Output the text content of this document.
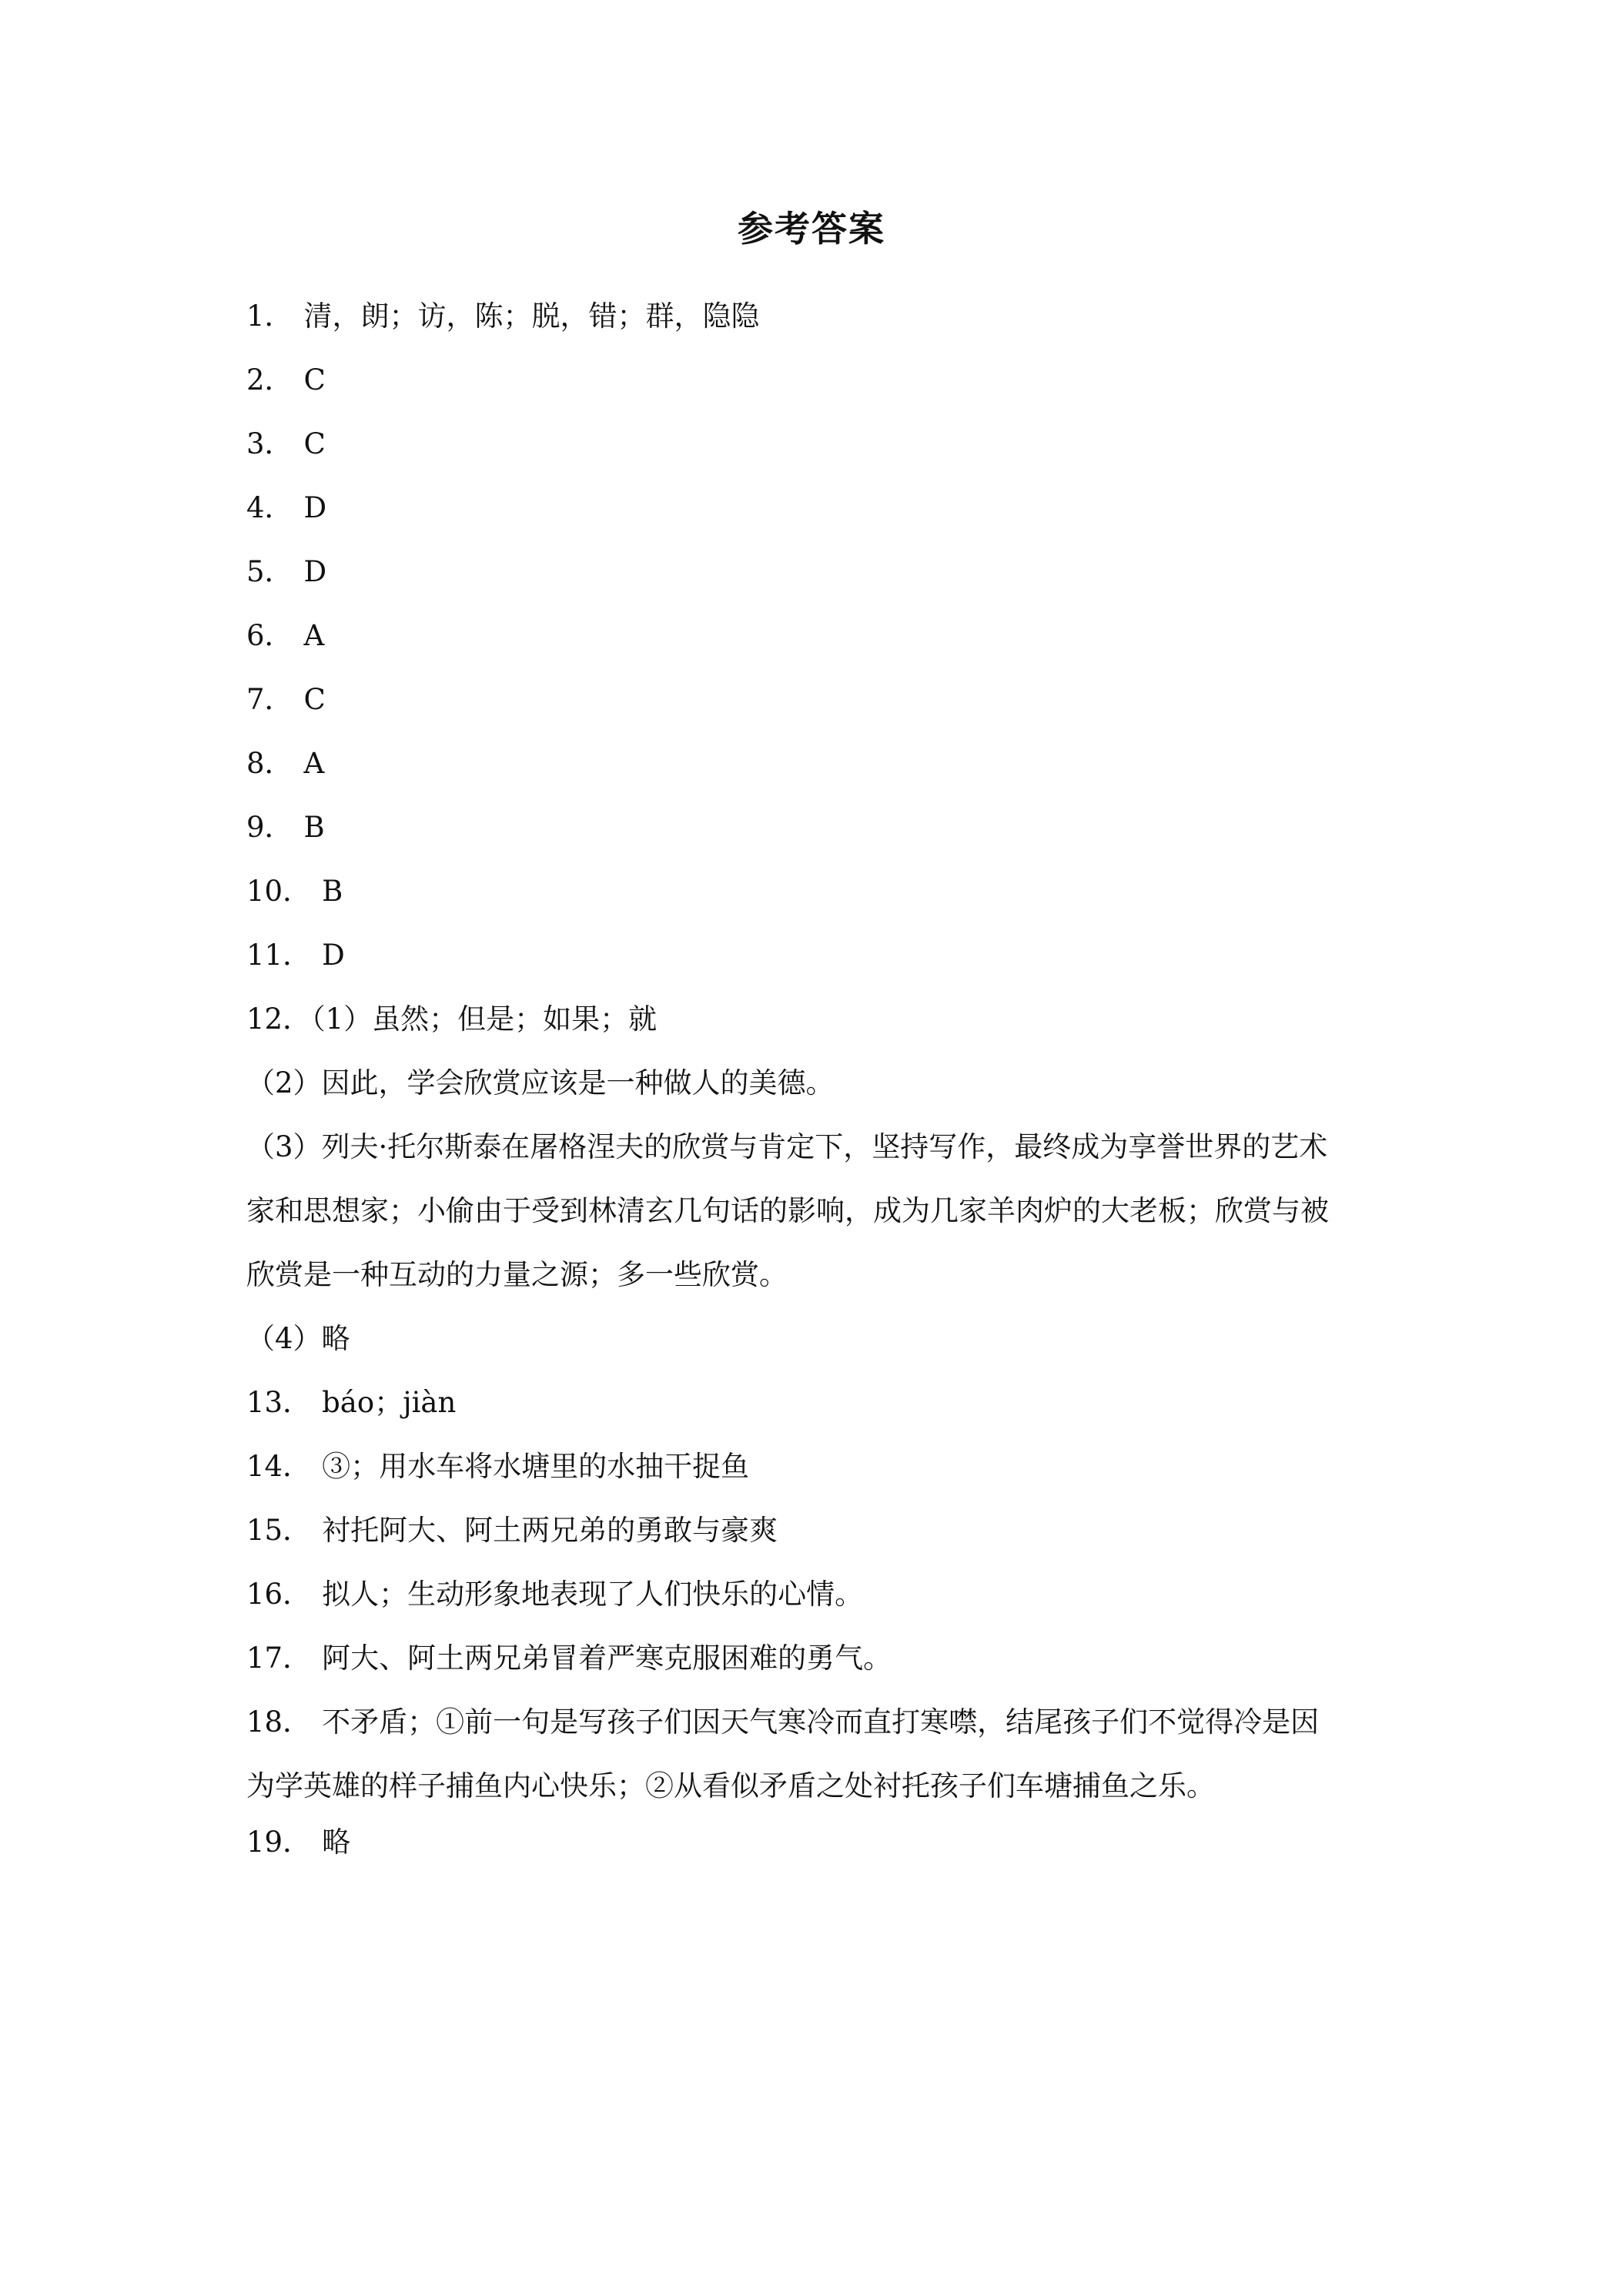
参考答案
1． 清，朗；访，陈；脱，错；群，隐隐
2． C
3． C
4． D
5． D
6． A
7． C
8． A
9． B
10． B
11． D
12．（1）虽然；但是；如果；就
（2）因此，学会欣赏应该是一种做人的美德。
（3）列夫·托尔斯泰在屠格涅夫的欣赏与肯定下，坚持写作，最终成为享誉世界的艺术
家和思想家；小偷由于受到林清玄几句话的影响，成为几家羊肉炉的大老板；欣赏与被
欣赏是一种互动的力量之源；多一些欣赏。
（4）略
13． báo；jiàn
14． ③；用水车将水塘里的水抽干捉鱼
15． 衬托阿大、阿土两兄弟的勇敢与豪爽
16． 拟人；生动形象地表现了人们快乐的心情。
17． 阿大、阿土两兄弟冒着严寒克服困难的勇气。
18． 不矛盾；①前一句是写孩子们因天气寒冷而直打寒噤，结尾孩子们不觉得冷是因
为学英雄的样子捕鱼内心快乐；②从看似矛盾之处衬托孩子们车塘捕鱼之乐。
19． 略
